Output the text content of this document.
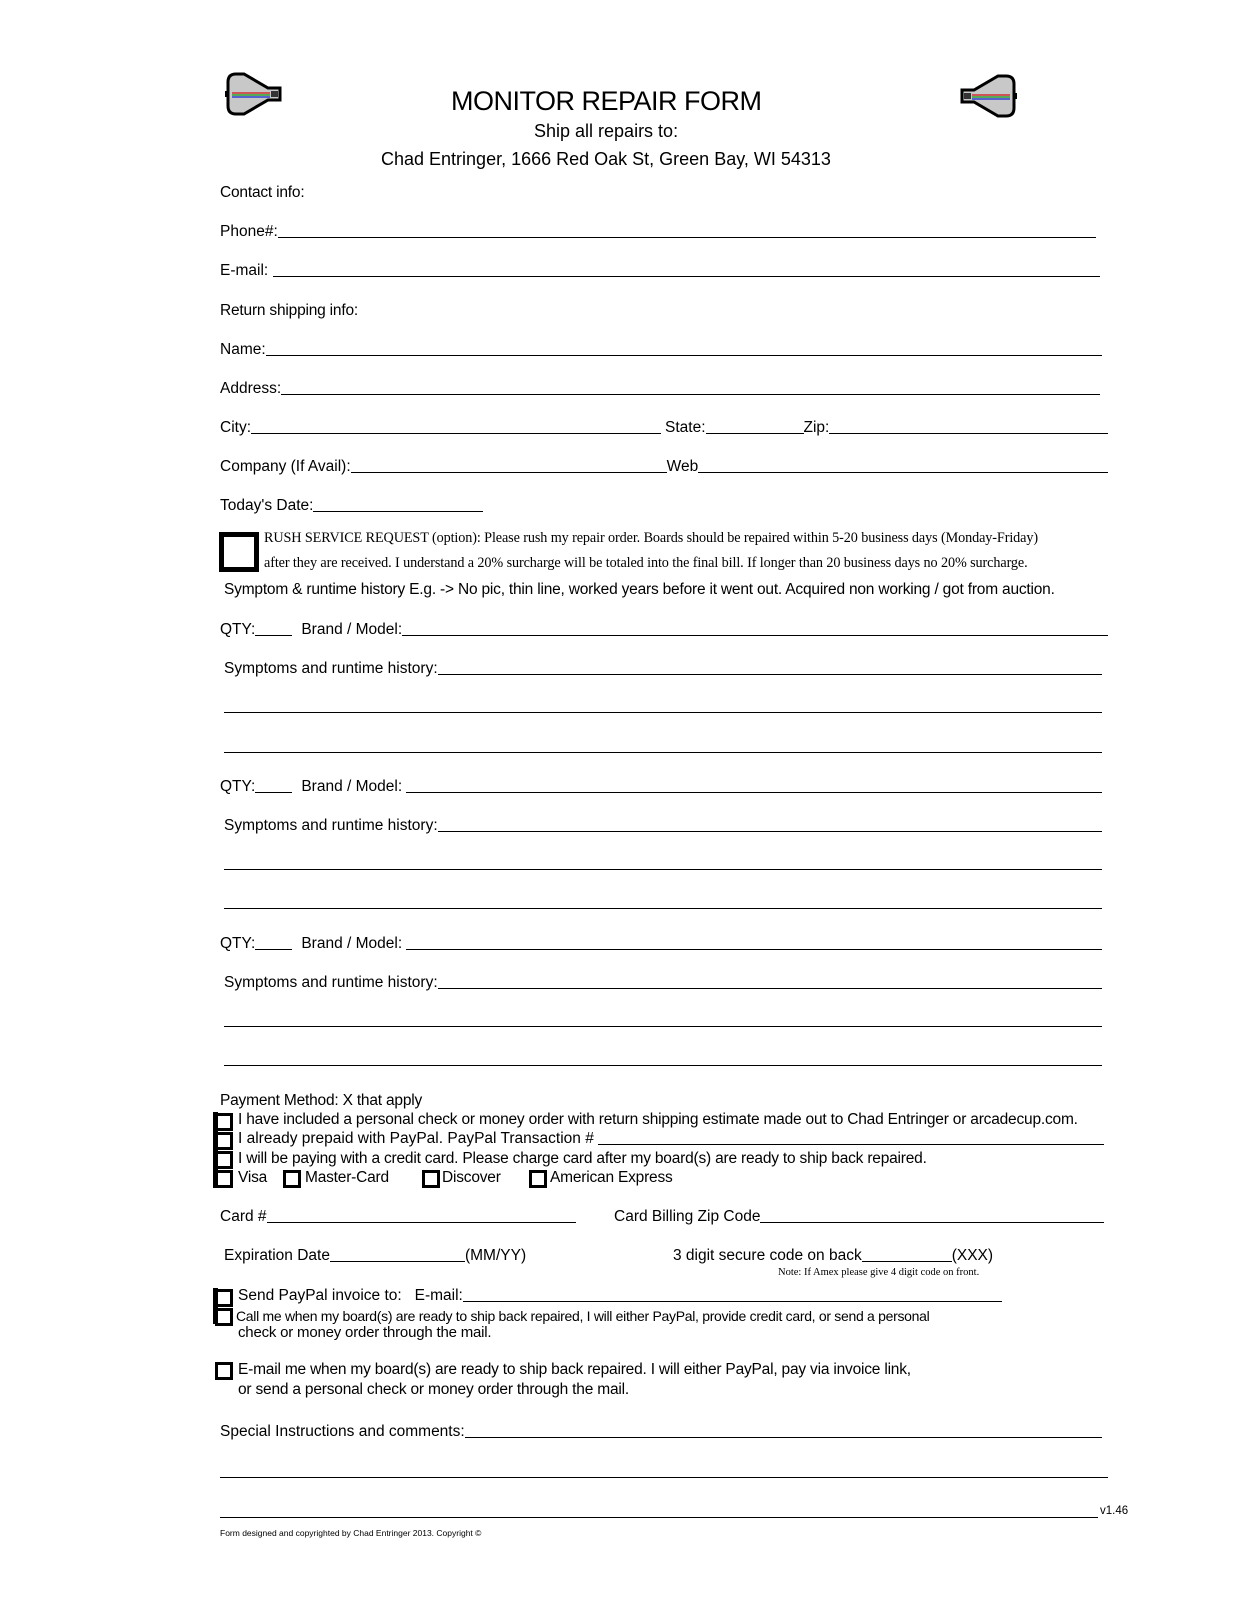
MONITOR REPAIR FORM
Ship all repairs to:
Chad Entringer, 1666 Red Oak St, Green Bay, WI 54313
Contact info:
Phone#:
E-mail:
Return shipping info:
Name:
Address:
City:	State:	Zip:
Company (If Avail):	Web
Today's Date:
RUSH SERVICE REQUEST (option): Please rush my repair order. Boards should be repaired within 5-20 business days (Monday-Friday)
after they are received. I understand a 20% surcharge will be totaled into the final bill. If longer than 20 business days no 20% surcharge.
Symptom & runtime history E.g. -> No pic, thin line, worked years before it went out. Acquired non working / got from auction.
QTY:	Brand / Model:
Symptoms and runtime history:
QTY:	Brand / Model:
Symptoms and runtime history:
QTY:	Brand / Model:
Symptoms and runtime history:
Payment Method: X that apply
I have included a personal check or money order with return shipping estimate made out to Chad Entringer or arcadecup.com.
I already prepaid with PayPal. PayPal Transaction #
I will be paying with a credit card. Please charge card after my board(s) are ready to ship back repaired.
Visa Master-Card	Discover	American Express
Card #	Card Billing Zip Code
Expiration Date	(MM/YY)	3 digit secure code on back	(XXX)
Note: If Amex please give 4 digit code on front.
Send PayPal invoice to:   E-mail:
Call me when my board(s) are ready to ship back repaired, I will either PayPal, provide credit card, or send a personal
check or money order through the mail.
E-mail me when my board(s) are ready to ship back repaired. I will either PayPal, pay via invoice link,
or send a personal check or money order through the mail.
Special Instructions and comments:
v1.46
Form designed and copyrighted by Chad Entringer 2013. Copyright ©
